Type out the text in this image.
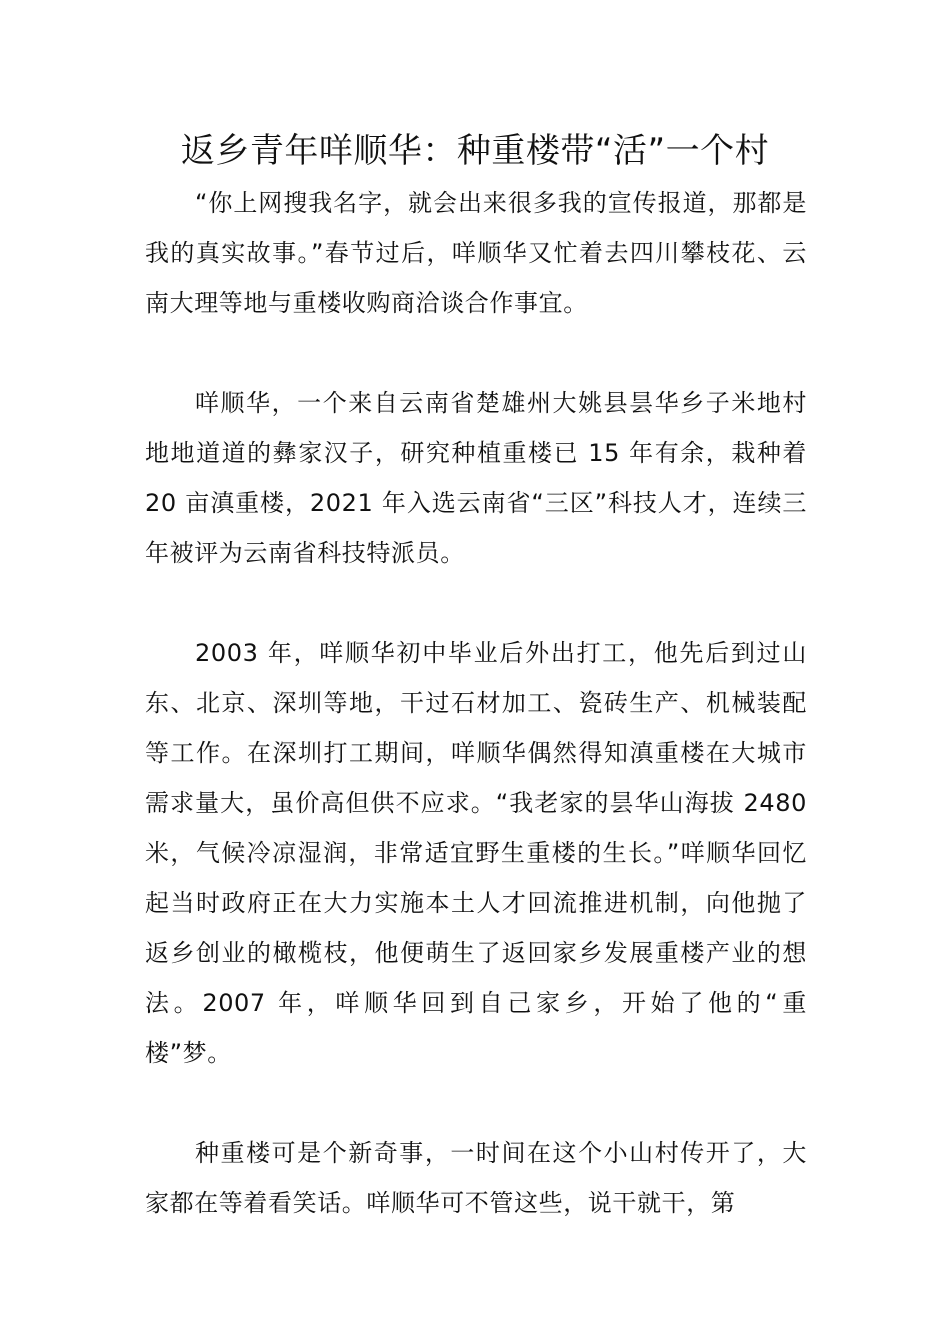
返乡青年咩顺华：种重楼带“活”一个村

“你上网搜我名字，就会出来很多我的宣传报道，那都是我的真实故事。”春节过后，咩顺华又忙着去四川攀枝花、云南大理等地与重楼收购商洽谈合作事宜。

咩顺华，一个来自云南省楚雄州大姚县昙华乡子米地村地地道道的彝家汉子，研究种植重楼已 15 年有余，栽种着 20 亩滇重楼，2021 年入选云南省“三区”科技人才，连续三年被评为云南省科技特派员。

2003 年，咩顺华初中毕业后外出打工，他先后到过山东、北京、深圳等地，干过石材加工、瓷砖生产、机械装配等工作。在深圳打工期间，咩顺华偶然得知滇重楼在大城市需求量大，虽价高但供不应求。“我老家的昙华山海拔 2480 米，气候冷凉湿润，非常适宜野生重楼的生长。”咩顺华回忆起当时政府正在大力实施本土人才回流推进机制，向他抛了返乡创业的橄榄枝，他便萌生了返回家乡发展重楼产业的想法。2007 年，咩顺华回到自己家乡，开始了他的“重楼”梦。

种重楼可是个新奇事，一时间在这个小山村传开了，大家都在等着看笑话。咩顺华可不管这些，说干就干，第
